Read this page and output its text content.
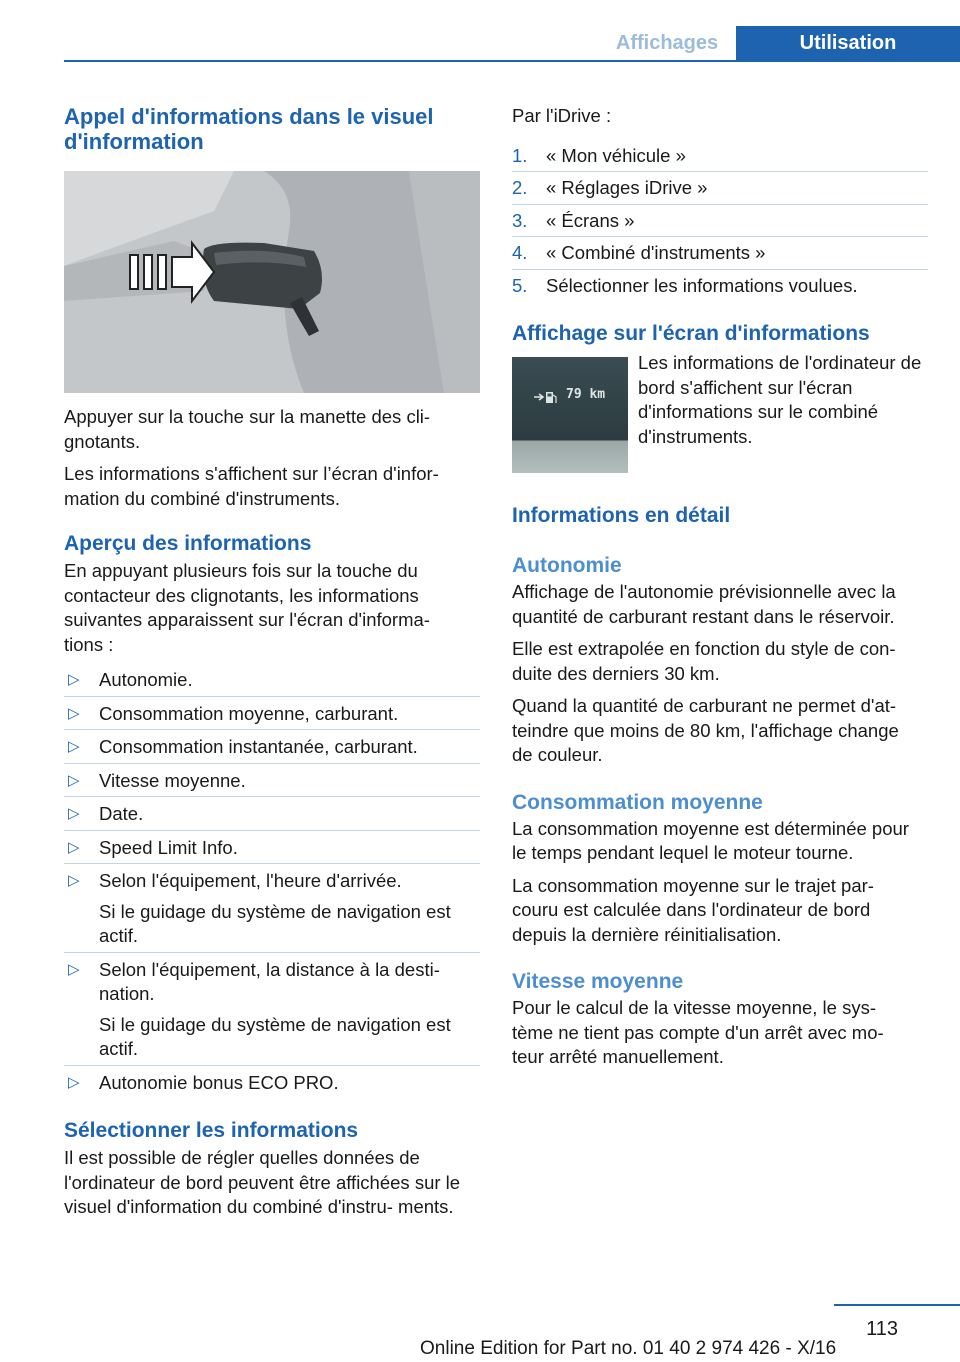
Affichages	Utilisation
Appel d'informations dans le visuel d'information

Appuyer sur la touche sur la manette des cli‐ gnotants.

Les informations s'affichent sur l’écran d'infor‐ mation du combiné d'instruments.

Aperçu des informations

En appuyant plusieurs fois sur la touche du contacteur des clignotants, les informations suivantes apparaissent sur l'écran d'informa‐ tions :

▷ Autonomie.
▷ Consommation moyenne, carburant.
▷ Consommation instantanée, carburant.
▷ Vitesse moyenne.
▷ Date.
▷ Speed Limit Info.
▷ Selon l'équipement, l'heure d'arrivée.
Si le guidage du système de navigation est actif.
▷ Selon l'équipement, la distance à la desti‐ nation.
Si le guidage du système de navigation est actif.
▷ Autonomie bonus ECO PRO.
Sélectionner les informations

Il est possible de régler quelles données de l'ordinateur de bord peuvent être affichées sur le visuel d'information du combiné d'instru‐ ments.

Par l'iDrive :

1. « Mon véhicule »
2. « Réglages iDrive »
3. « Écrans »
4. « Combiné d'instruments »
5. Sélectionner les informations voulues.
Affichage sur l'écran d'informations
79 km

Les informations de l'ordinateur de bord s'affichent sur l'écran d'informations sur le combiné d'instruments.

Informations en détail
Autonomie

Affichage de l'autonomie prévisionnelle avec la quantité de carburant restant dans le réservoir.

Elle est extrapolée en fonction du style de con‐ duite des derniers 30 km.

Quand la quantité de carburant ne permet d'at‐ teindre que moins de 80 km, l'affichage change de couleur.

Consommation moyenne

La consommation moyenne est déterminée pour le temps pendant lequel le moteur tourne.

La consommation moyenne sur le trajet par‐ couru est calculée dans l'ordinateur de bord depuis la dernière réinitialisation.

Vitesse moyenne

Pour le calcul de la vitesse moyenne, le sys‐ tème ne tient pas compte d'un arrêt avec mo‐ teur arrêté manuellement.

113
Online Edition for Part no. 01 40 2 974 426 - X/16
